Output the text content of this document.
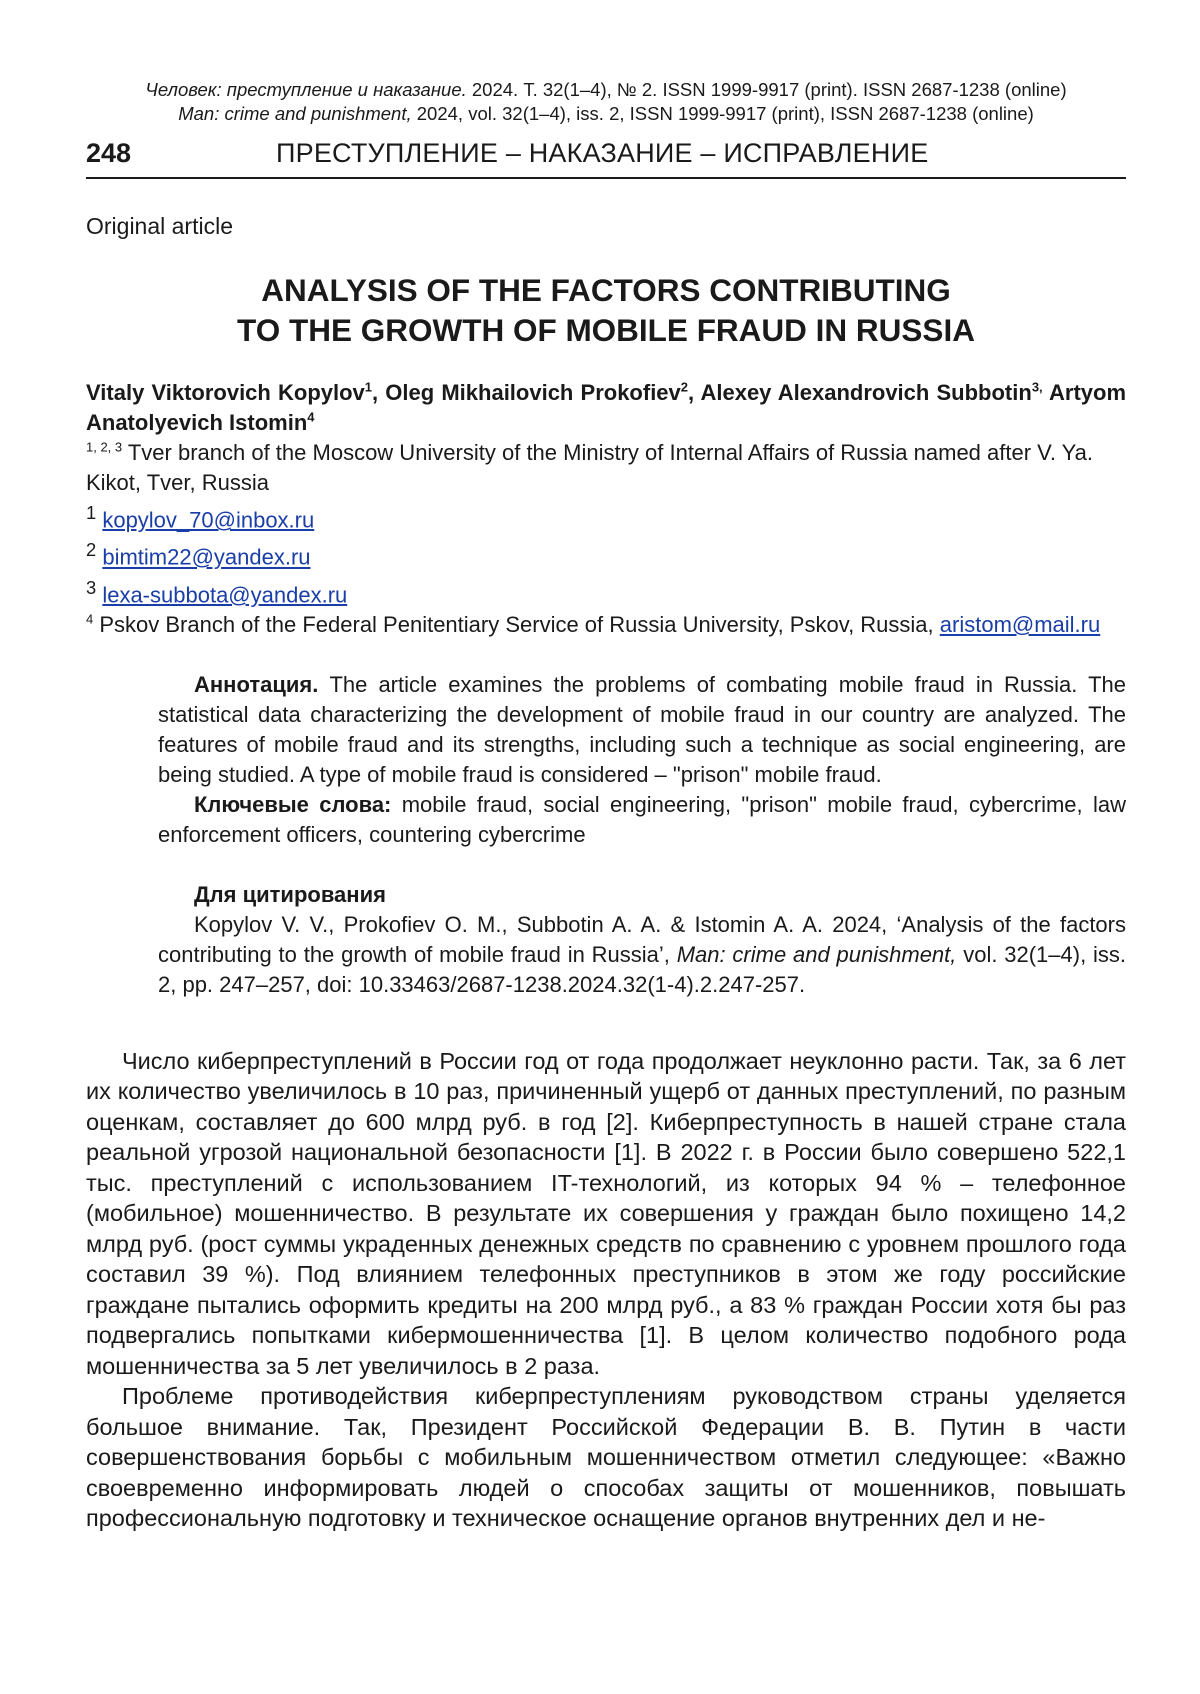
Человек: преступление и наказание. 2024. Т. 32(1–4), № 2. ISSN 1999-9917 (print). ISSN 2687-1238 (online)
Man: crime and punishment, 2024, vol. 32(1–4), iss. 2, ISSN 1999-9917 (print), ISSN 2687-1238 (online)
248	ПРЕСТУПЛЕНИЕ – НАКАЗАНИЕ – ИСПРАВЛЕНИЕ
Original article
ANALYSIS OF THE FACTORS CONTRIBUTING
TO THE GROWTH OF MOBILE FRAUD IN RUSSIA
Vitaly Viktorovich Kopylov$^1$, Oleg Mikhailovich Prokofiev$^2$, Alexey Alexandrovich Subbotin$^{3,}$ Artyom Anatolyevich Istomin$^4$
$^{1, 2, 3}$ Tver branch of the Moscow University of the Ministry of Internal Affairs of Russia named after V. Ya. Kikot, Tver, Russia
$^1$ kopylov_70@inbox.ru
$^2$ bimtim22@yandex.ru
$^3$ lexa-subbota@yandex.ru
$^4$ Pskov Branch of the Federal Penitentiary Service of Russia University, Pskov, Russia, aristom@mail.ru
Аннотация. The article examines the problems of combating mobile fraud in Russia. The statistical data characterizing the development of mobile fraud in our country are analyzed. The features of mobile fraud and its strengths, including such a technique as social engineering, are being studied. A type of mobile fraud is considered – "prison" mobile fraud.
Ключевые слова: mobile fraud, social engineering, "prison" mobile fraud, cybercrime, law enforcement officers, countering cybercrime
Для цитирования
Kopylov V. V., Prokofiev O. M., Subbotin A. A. & Istomin A. A. 2024, ‘Analysis of the factors contributing to the growth of mobile fraud in Russia’, Man: crime and punishment, vol. 32(1–4), iss. 2, pp. 247–257, doi: 10.33463/2687-1238.2024.32(1-4).2.247-257.

Число киберпреступлений в России год от года продолжает неуклонно расти. Так, за 6 лет их количество увеличилось в 10 раз, причиненный ущерб от данных преступлений, по разным оценкам, составляет до 600 млрд руб. в год [2]. Киберпреступность в нашей стране стала реальной угрозой национальной безопасности [1]. В 2022 г. в России было совершено 522,1 тыс. преступлений с использованием IT-технологий, из которых 94 % – телефонное (мобильное) мошенничество. В результате их совершения у граждан было похищено 14,2 млрд руб. (рост суммы украденных денежных средств по сравнению с уровнем прошлого года составил 39 %). Под влиянием телефонных преступников в этом же году российские граждане пытались оформить кредиты на 200 млрд руб., а 83 % граждан России хотя бы раз подвергались попытками кибермошенничества [1]. В целом количество подобного рода мошенничества за 5 лет увеличилось в 2 раза.

Проблеме противодействия киберпреступлениям руководством страны уделяется большое внимание. Так, Президент Российской Федерации В. В. Путин в части совершенствования борьбы с мобильным мошенничеством отметил следующее: «Важно своевременно информировать людей о способах защиты от мошенников, повышать профессиональную подготовку и техническое оснащение органов внутренних дел и не-
